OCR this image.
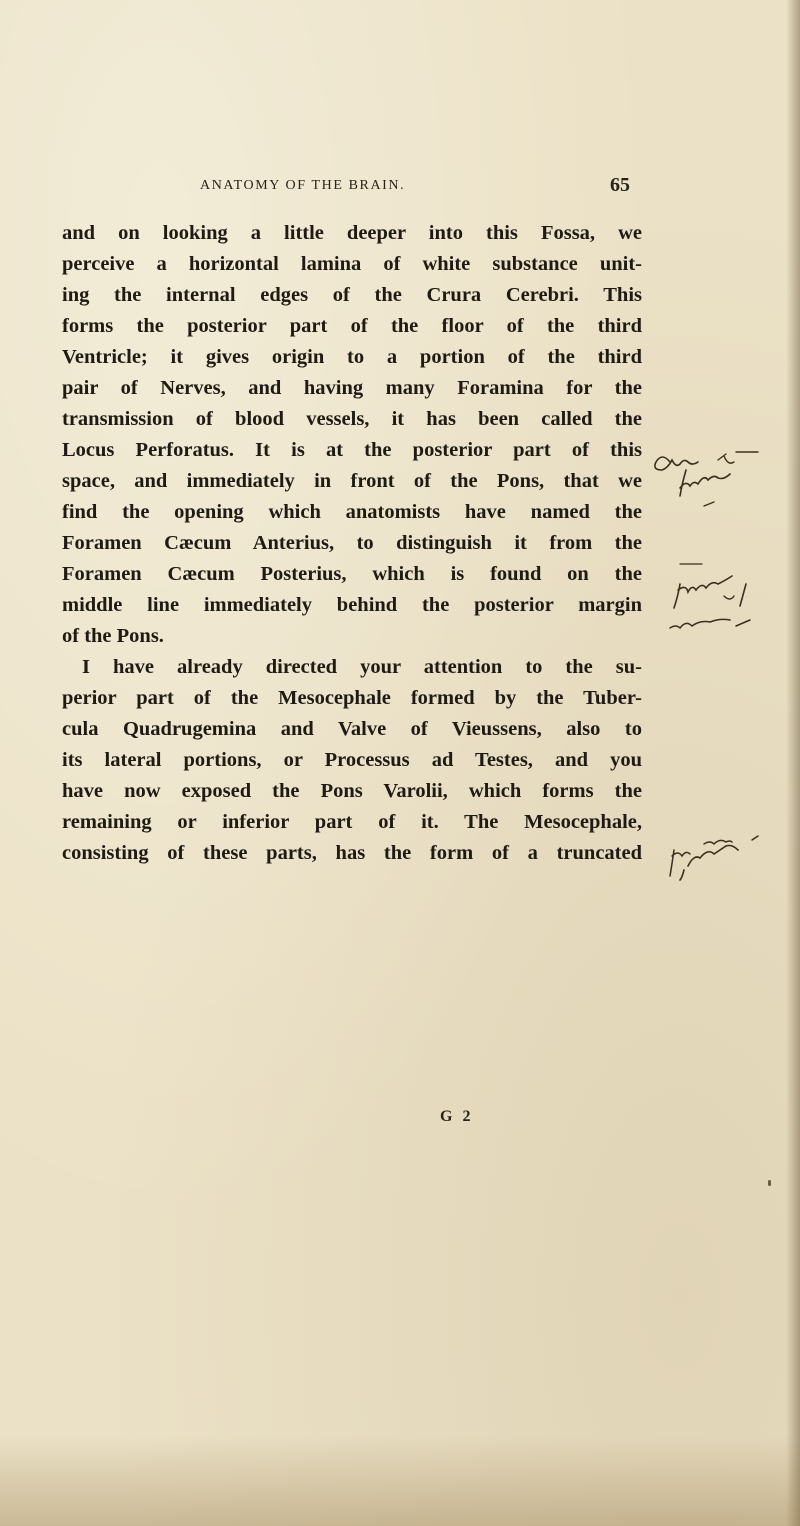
ANATOMY OF THE BRAIN.	65
and on looking a little deeper into this Fossa, we
perceive a horizontal lamina of white substance unit-
ing the internal edges of the Crura Cerebri. This
forms the posterior part of the floor of the third
Ventricle; it gives origin to a portion of the third
pair of Nerves, and having many Foramina for the
transmission of blood vessels, it has been called the
Locus Perforatus. It is at the posterior part of this
space, and immediately in front of the Pons, that we
find the opening which anatomists have named the
Foramen Cæcum Anterius, to distinguish it from the
Foramen Cæcum Posterius, which is found on the
middle line immediately behind the posterior margin
of the Pons.
I have already directed your attention to the su-
perior part of the Mesocephale formed by the Tuber-
cula Quadrugemina and Valve of Vieussens, also to
its lateral portions, or Processus ad Testes, and you
have now exposed the Pons Varolii, which forms the
remaining or inferior part of it. The Mesocephale,
consisting of these parts, has the form of a truncated
G 2
